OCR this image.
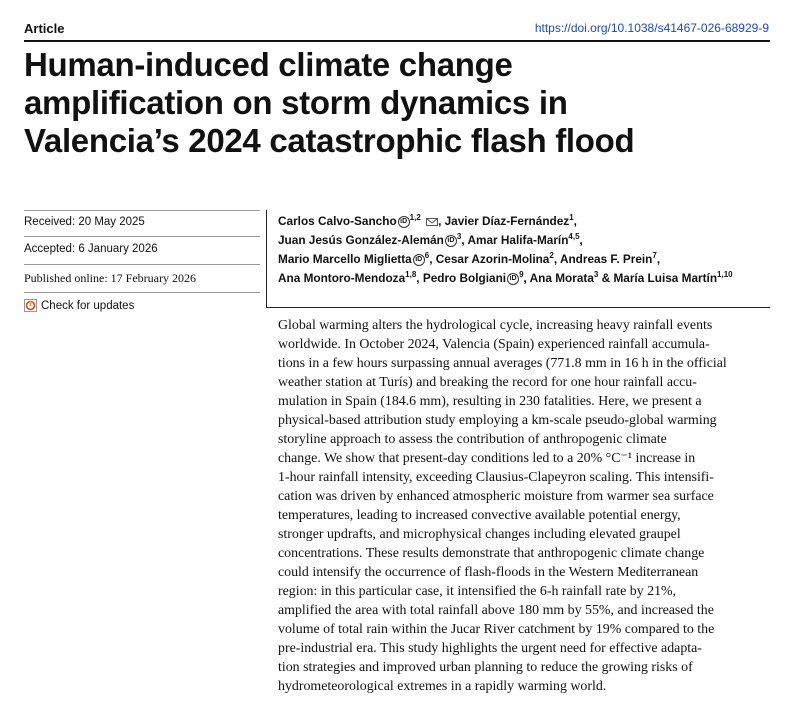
Article	https://doi.org/10.1038/s41467-026-68929-9
Human-induced climate change
amplification on storm dynamics in
Valencia’s 2024 catastrophic flash flood
Received: 20 May 2025
Accepted: 6 January 2026
Published online: 17 February 2026
Check for updates
Carlos Calvo-Sancho iD $^{1,2}$ , Javier Díaz-Fernández$^1$,
Juan Jesús González-Alemán iD $^3$, Amar Halifa-Marín$^{4,5}$,
Mario Marcello Miglietta iD $^6$, Cesar Azorin-Molina$^2$, Andreas F. Prein$^7$,
Ana Montoro-Mendoza$^{1,8}$, Pedro Bolgiani iD $^9$, Ana Morata$^3$ & María Luisa Martín$^{1,10}$
Global warming alters the hydrological cycle, increasing heavy rainfall events
worldwide. In October 2024, Valencia (Spain) experienced rainfall accumula-
tions in a few hours surpassing annual averages (771.8 mm in 16 h in the official
weather station at Turís) and breaking the record for one hour rainfall accu-
mulation in Spain (184.6 mm), resulting in 230 fatalities. Here, we present a
physical-based attribution study employing a km-scale pseudo-global warming
storyline approach to assess the contribution of anthropogenic climate
change. We show that present-day conditions led to a 20% °C⁻¹ increase in
1-hour rainfall intensity, exceeding Clausius-Clapeyron scaling. This intensifi-
cation was driven by enhanced atmospheric moisture from warmer sea surface
temperatures, leading to increased convective available potential energy,
stronger updrafts, and microphysical changes including elevated graupel
concentrations. These results demonstrate that anthropogenic climate change
could intensify the occurrence of flash-floods in the Western Mediterranean
region: in this particular case, it intensified the 6-h rainfall rate by 21%,
amplified the area with total rainfall above 180 mm by 55%, and increased the
volume of total rain within the Jucar River catchment by 19% compared to the
pre-industrial era. This study highlights the urgent need for effective adapta-
tion strategies and improved urban planning to reduce the growing risks of
hydrometeorological extremes in a rapidly warming world.
